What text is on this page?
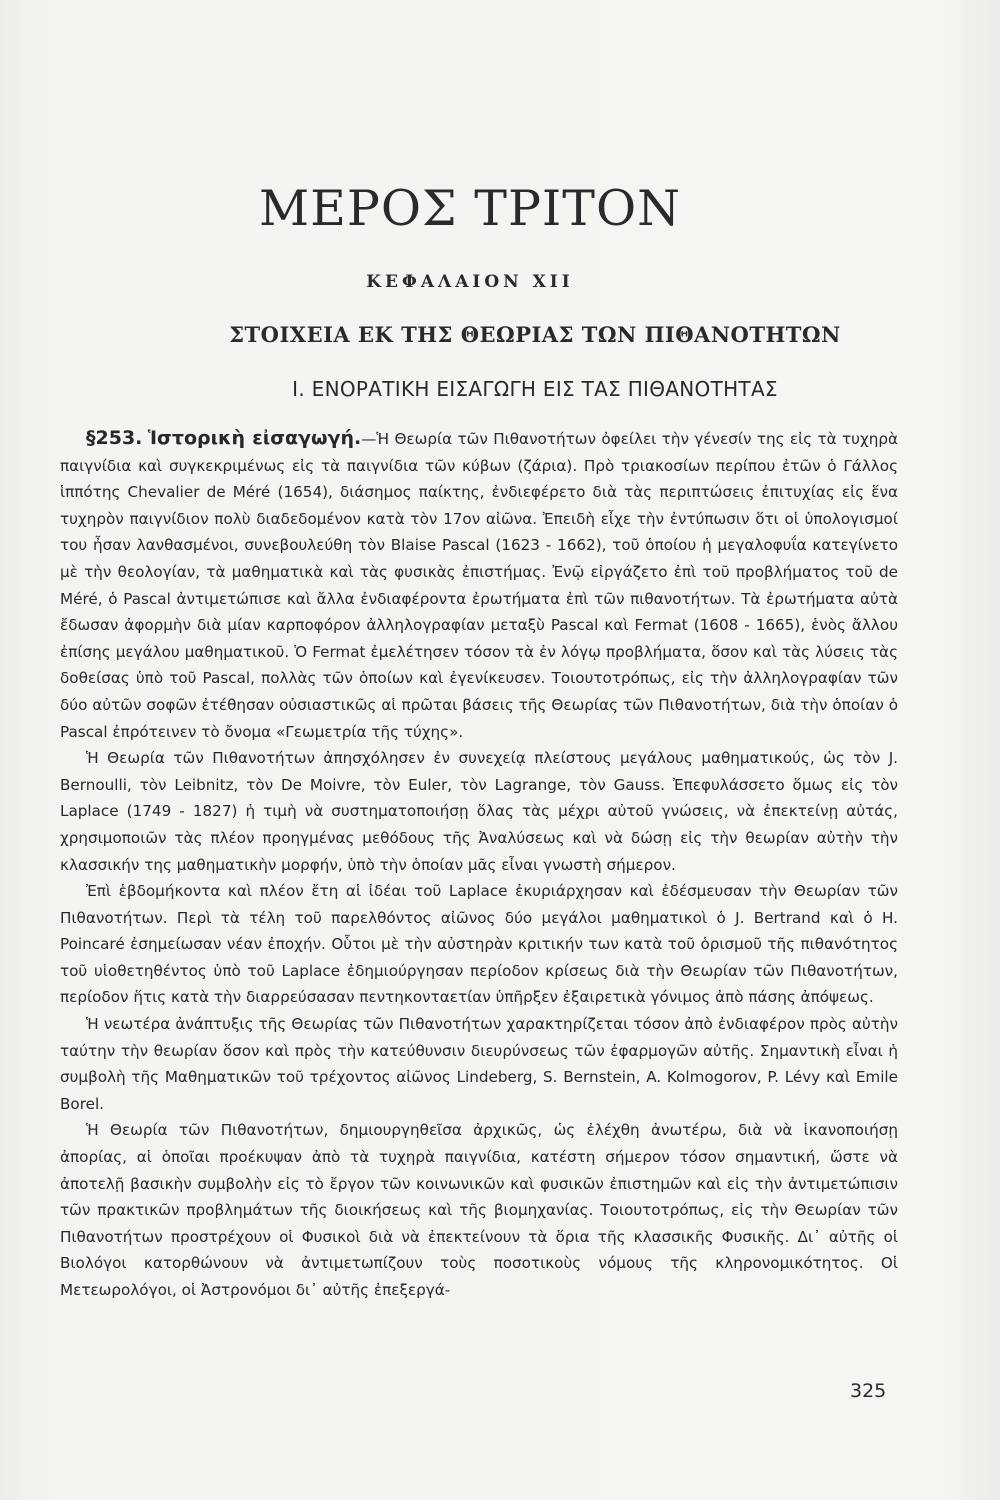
ΜΕΡΟΣ ΤΡΙΤΟΝ
ΚΕΦΑΛΑΙΟΝ XII
ΣΤΟΙΧΕΙΑ ΕΚ ΤΗΣ ΘΕΩΡΙΑΣ ΤΩΝ ΠΙΘΑΝΟΤΗΤΩΝ
I. ΕΝΟΡΑΤΙΚΗ ΕΙΣΑΓΩΓΗ ΕΙΣ ΤΑΣ ΠΙΘΑΝΟΤΗΤΑΣ

§253. Ἱστορικὴ εἰσαγωγή.—Ἡ Θεωρία τῶν Πιθανοτήτων ὀφείλει τὴν γένεσίν της εἰς τὰ τυχηρὰ παιγνίδια καὶ συγκεκριμένως εἰς τὰ παιγνίδια τῶν κύβων (ζάρια). Πρὸ τριακοσίων περίπου ἐτῶν ὁ Γάλλος ἱππότης Chevalier de Méré (1654), διάσημος παίκτης, ἐνδιεφέρετο διὰ τὰς περιπτώσεις ἐπιτυχίας εἰς ἕνα τυχηρὸν παιγνίδιον πολὺ διαδεδομένον κατὰ τὸν 17ον αἰῶνα. Ἐπειδὴ εἶχε τὴν ἐντύπωσιν ὅτι οἱ ὑπολογισμοί του ἦσαν λανθασμένοι, συνεβουλεύθη τὸν Blaise Pascal (1623 - 1662), τοῦ ὁποίου ἡ μεγαλοφυΐα κατεγίνετο μὲ τὴν θεολογίαν, τὰ μαθηματικὰ καὶ τὰς φυσικὰς ἐπιστήμας. Ἐνῷ εἰργάζετο ἐπὶ τοῦ προβλήματος τοῦ de Méré, ὁ Pascal ἀντιμετώπισε καὶ ἄλλα ἐνδιαφέροντα ἐρωτήματα ἐπὶ τῶν πιθανοτήτων. Τὰ ἐρωτήματα αὐτὰ ἔδωσαν ἀφορμὴν διὰ μίαν καρποφόρον ἀλληλογραφίαν μεταξὺ Pascal καὶ Fermat (1608 - 1665), ἑνὸς ἄλλου ἐπίσης μεγάλου μαθηματικοῦ. Ὁ Fermat ἐμελέτησεν τόσον τὰ ἐν λόγῳ προβλήματα, ὅσον καὶ τὰς λύσεις τὰς δοθείσας ὑπὸ τοῦ Pascal, πολλὰς τῶν ὁποίων καὶ ἐγενίκευσεν. Τοιουτοτρόπως, εἰς τὴν ἀλληλογραφίαν τῶν δύο αὐτῶν σοφῶν ἐτέθησαν οὐσιαστικῶς αἱ πρῶται βάσεις τῆς Θεωρίας τῶν Πιθανοτήτων, διὰ τὴν ὁποίαν ὁ Pascal ἐπρότεινεν τὸ ὄνομα «Γεωμετρία τῆς τύχης».

Ἡ Θεωρία τῶν Πιθανοτήτων ἀπησχόλησεν ἐν συνεχείᾳ πλείστους μεγάλους μαθηματικούς, ὡς τὸν J. Bernoulli, τὸν Leibnitz, τὸν De Moivre, τὸν Euler, τὸν Lagrange, τὸν Gauss. Ἐπεφυλάσσετο ὅμως εἰς τὸν Laplace (1749 - 1827) ἡ τιμὴ νὰ συστηματοποιήσῃ ὅλας τὰς μέχρι αὐτοῦ γνώσεις, νὰ ἐπεκτείνῃ αὐτάς, χρησιμοποιῶν τὰς πλέον προηγμένας μεθόδους τῆς Ἀναλύσεως καὶ νὰ δώσῃ εἰς τὴν θεωρίαν αὐτὴν τὴν κλασσικήν της μαθηματικὴν μορφήν, ὑπὸ τὴν ὁποίαν μᾶς εἶναι γνωστὴ σήμερον.

Ἐπὶ ἑβδομήκοντα καὶ πλέον ἔτη αἱ ἰδέαι τοῦ Laplace ἐκυριάρχησαν καὶ ἐδέσμευσαν τὴν Θεωρίαν τῶν Πιθανοτήτων. Περὶ τὰ τέλη τοῦ παρελθόντος αἰῶνος δύο μεγάλοι μαθηματικοὶ ὁ J. Bertrand καὶ ὁ H. Poincaré ἐσημείωσαν νέαν ἐποχήν. Οὗτοι μὲ τὴν αὐστηρὰν κριτικήν των κατὰ τοῦ ὁρισμοῦ τῆς πιθανότητος τοῦ υἱοθετηθέντος ὑπὸ τοῦ Laplace ἐδημιούργησαν περίοδον κρίσεως διὰ τὴν Θεωρίαν τῶν Πιθανοτήτων, περίοδον ἥτις κατὰ τὴν διαρρεύσασαν πεντηκονταετίαν ὑπῆρξεν ἐξαιρετικὰ γόνιμος ἀπὸ πάσης ἀπόψεως.

Ἡ νεωτέρα ἀνάπτυξις τῆς Θεωρίας τῶν Πιθανοτήτων χαρακτηρίζεται τόσον ἀπὸ ἐνδιαφέρον πρὸς αὐτὴν ταύτην τὴν θεωρίαν ὅσον καὶ πρὸς τὴν κατεύθυνσιν διευρύνσεως τῶν ἐφαρμογῶν αὐτῆς. Σημαντικὴ εἶναι ἡ συμβολὴ τῆς Μαθηματικῶν τοῦ τρέχοντος αἰῶνος Lindeberg, S. Bernstein, A. Kolmogorov, P. Lévy καὶ Emile Borel.

Ἡ Θεωρία τῶν Πιθανοτήτων, δημιουργηθεῖσα ἀρχικῶς, ὡς ἐλέχθη ἀνωτέρω, διὰ νὰ ἱκανοποιήσῃ ἀπορίας, αἱ ὁποῖαι προέκυψαν ἀπὸ τὰ τυχηρὰ παιγνίδια, κατέστη σήμερον τόσον σημαντική, ὥστε νὰ ἀποτελῇ βασικὴν συμβολὴν εἰς τὸ ἔργον τῶν κοινωνικῶν καὶ φυσικῶν ἐπιστημῶν καὶ εἰς τὴν ἀντιμετώπισιν τῶν πρακτικῶν προβλημάτων τῆς διοικήσεως καὶ τῆς βιομηχανίας. Τοιουτοτρόπως, εἰς τὴν Θεωρίαν τῶν Πιθανοτήτων προστρέχουν οἱ Φυσικοὶ διὰ νὰ ἐπεκτείνουν τὰ ὅρια τῆς κλασσικῆς Φυσικῆς. Δι᾽ αὐτῆς οἱ Βιολόγοι κατορθώνουν νὰ ἀντιμετωπίζουν τοὺς ποσοτικοὺς νόμους τῆς κληρονομικότητος. Οἱ Μετεωρολόγοι, οἱ Ἀστρονόμοι δι᾽ αὐτῆς ἐπεξεργά-

325
